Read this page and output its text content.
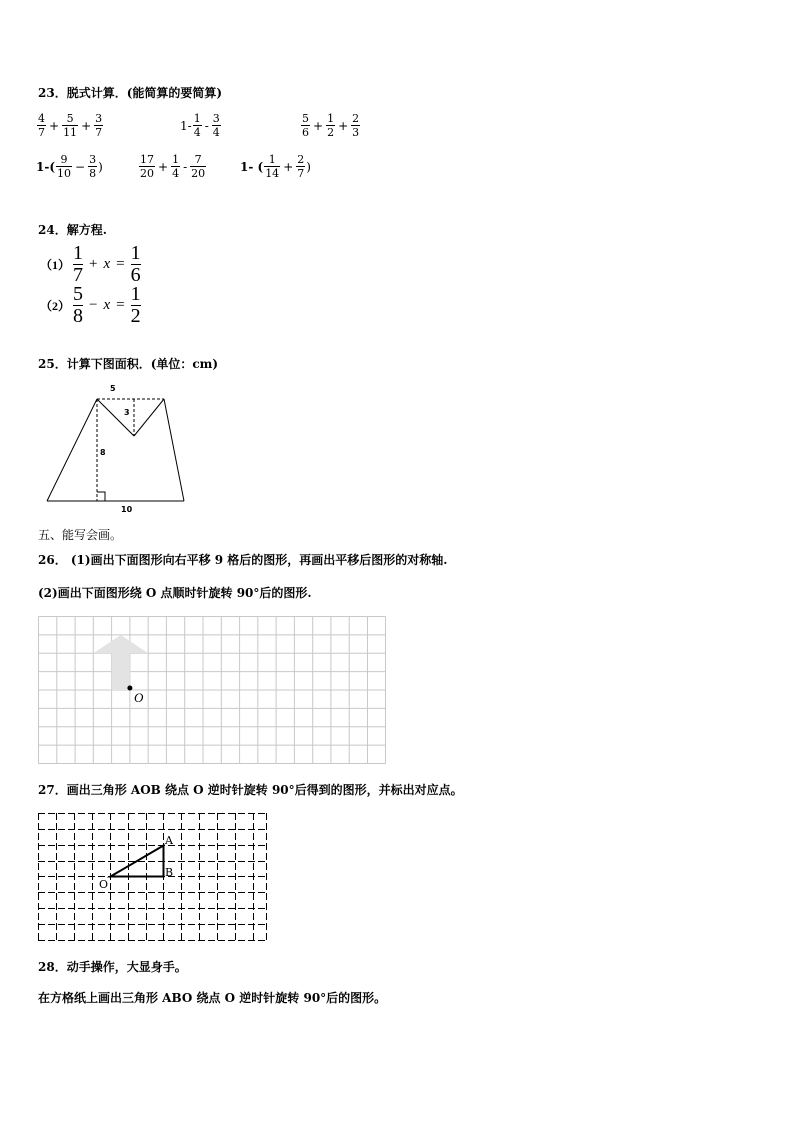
23．脱式计算．(能简算的要简算)
$\frac{4}{7} + \frac{5}{11} + \frac{3}{7}$	$1- \frac{1}{4} - \frac{3}{4}$	$\frac{5}{6} + \frac{1}{2} + \frac{2}{3}$
$1-( \frac{9}{10} - \frac{3}{8}$ )	$\frac{17}{20} + \frac{1}{4} - \frac{7}{20}$	1- ( $\frac{1}{14} + \frac{2}{7}$ )
24．解方程.
（1）
1
$7 + x = \frac{1}{6}$
（2）
5
$8 - x = \frac{1}{2}$
25．计算下图面积．(单位：cm)
5
3
8
10
五、能写会画。
26． (1)画出下面图形向右平移 9 格后的图形，再画出平移后图形的对称轴.
(2)画出下面图形绕 O 点顺时针旋转 90°后的图形.
O
27．画出三角形 AOB 绕点 O 逆时针旋转 90°后得到的图形，并标出对应点。
A
B
O
28．动手操作，大显身手。
在方格纸上画出三角形 ABO 绕点 O 逆时针旋转 90°后的图形。
